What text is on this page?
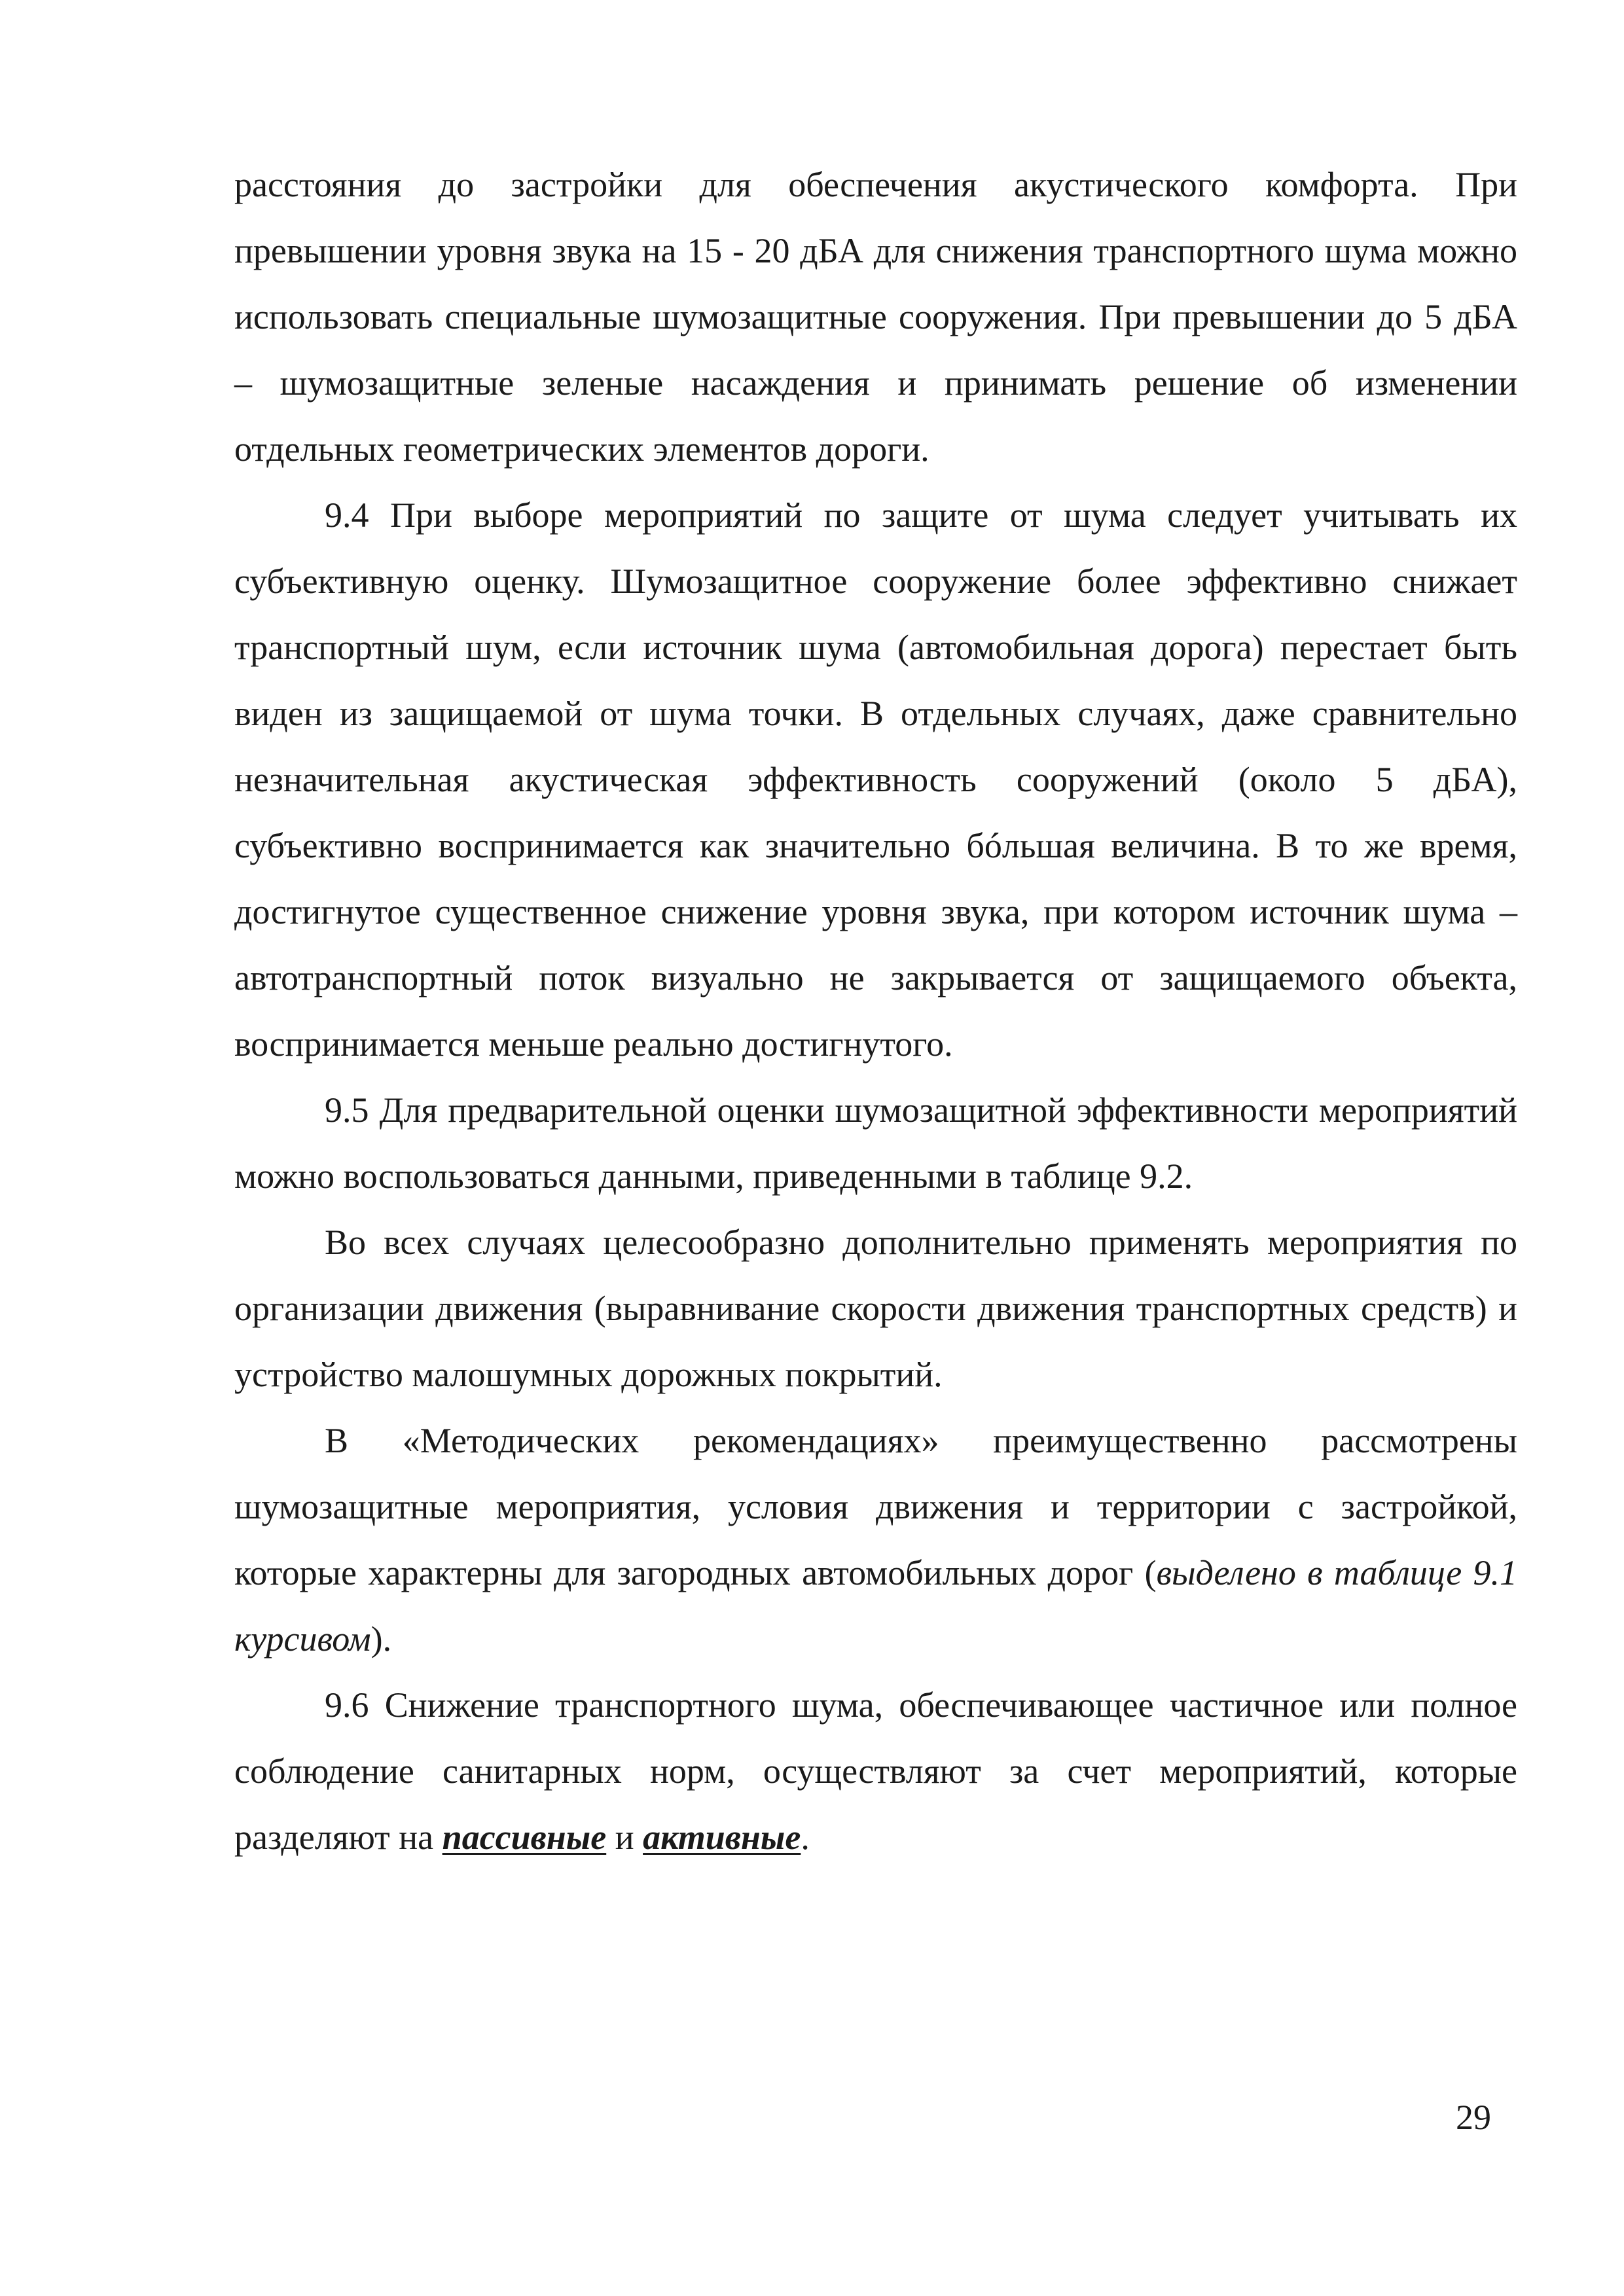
расстояния до застройки для обеспечения акустического комфорта. При превышении уровня звука на 15 - 20 дБА для снижения транспортного шума можно использовать специальные шумозащитные сооружения. При превышении до 5 дБА – шумозащитные зеленые насаждения и принимать решение об изменении отдельных геометрических элементов дороги.

9.4 При выборе мероприятий по защите от шума следует учитывать их субъективную оценку. Шумозащитное сооружение более эффективно снижает транспортный шум, если источник шума (автомобильная дорога) перестает быть виден из защищаемой от шума точки. В отдельных случаях, даже сравнительно незначительная акустическая эффективность сооружений (около 5 дБА), субъективно воспринимается как значительно бóльшая величина. В то же время, достигнутое существенное снижение уровня звука, при котором источник шума – автотранспортный поток визуально не закрывается от защищаемого объекта, воспринимается меньше реально достигнутого.

9.5 Для предварительной оценки шумозащитной эффективности мероприятий можно воспользоваться данными, приведенными в таблице 9.2.

Во всех случаях целесообразно дополнительно применять мероприятия по организации движения (выравнивание скорости движения транспортных средств) и устройство малошумных дорожных покрытий.

В «Методических рекомендациях» преимущественно рассмотрены шумозащитные мероприятия, условия движения и территории с застройкой, которые характерны для загородных автомобильных дорог (выделено в таблице 9.1 курсивом).

9.6 Снижение транспортного шума, обеспечивающее частичное или полное соблюдение санитарных норм, осуществляют за счет мероприятий, которые разделяют на пассивные и активные.

29
